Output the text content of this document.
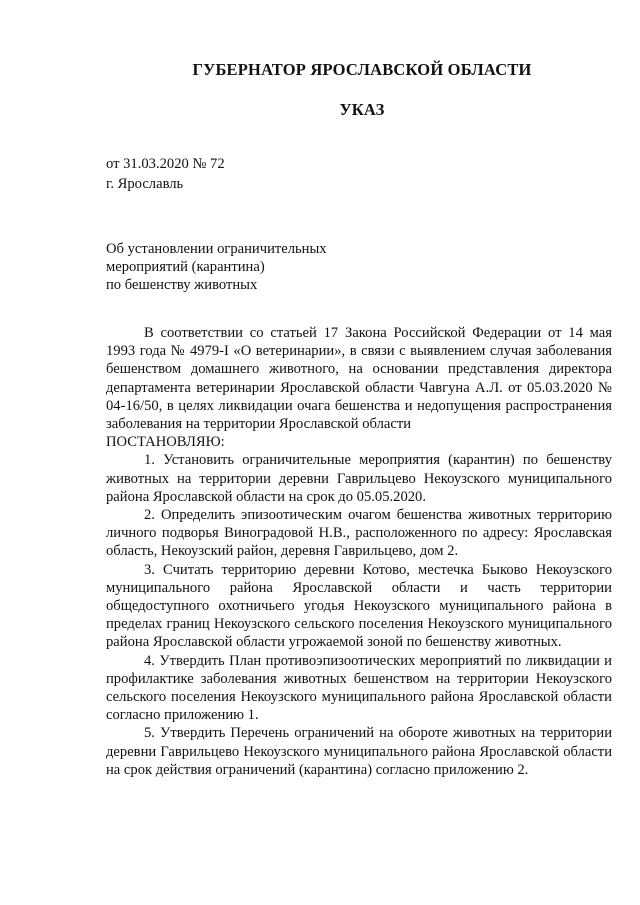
ГУБЕРНАТОР ЯРОСЛАВСКОЙ ОБЛАСТИ
УКАЗ
от 31.03.2020 № 72
г. Ярославль
Об установлении ограничительных
мероприятий (карантина)
по бешенству животных

В соответствии со статьей 17 Закона Российской Федерации от 14 мая 1993 года № 4979-I «О ветеринарии», в связи с выявлением случая заболевания бешенством домашнего животного, на основании представления директора департамента ветеринарии Ярославской области Чавгуна А.Л. от 05.03.2020 № 04-16/50, в целях ликвидации очага бешенства и недопущения распространения заболевания на территории Ярославской области

ПОСТАНОВЛЯЮ:

1. Установить ограничительные мероприятия (карантин) по бешенству животных на территории деревни Гаврильцево Некоузского муниципального района Ярославской области на срок до 05.05.2020.

2. Определить эпизоотическим очагом бешенства животных территорию личного подворья Виноградовой Н.В., расположенного по адресу: Ярославская область, Некоузский район, деревня Гаврильцево, дом 2.

3. Считать территорию деревни Котово, местечка Быково Некоузского муниципального района Ярославской области и часть территории общедоступного охотничьего угодья Некоузского муниципального района в пределах границ Некоузского сельского поселения Некоузского муниципального района Ярославской области угрожаемой зоной по бешенству животных.

4. Утвердить План противоэпизоотических мероприятий по ликвидации и профилактике заболевания животных бешенством на территории Некоузского сельского поселения Некоузского муниципального района Ярославской области согласно приложению 1.

5. Утвердить Перечень ограничений на обороте животных на территории деревни Гаврильцево Некоузского муниципального района Ярославской области на срок действия ограничений (карантина) согласно приложению 2.
